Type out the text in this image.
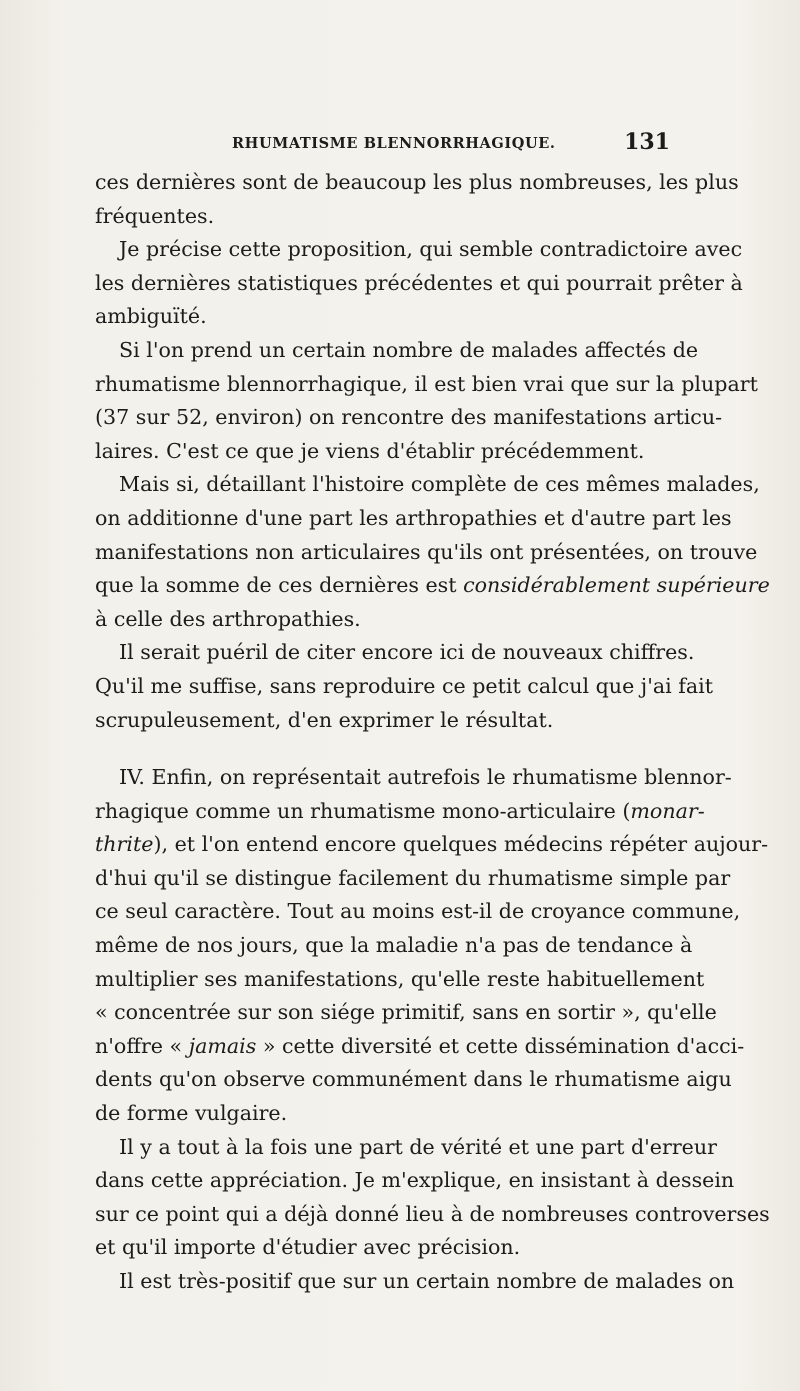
RHUMATISME BLENNORRHAGIQUE.	131
ces dernières sont de beaucoup les plus nombreuses, les plus
fréquentes.
Je précise cette proposition, qui semble contradictoire avec
les dernières statistiques précédentes et qui pourrait prêter à
ambiguïté.
Si l'on prend un certain nombre de malades affectés de
rhumatisme blennorrhagique, il est bien vrai que sur la plupart
(37 sur 52, environ) on rencontre des manifestations articu-
laires. C'est ce que je viens d'établir précédemment.
Mais si, détaillant l'histoire complète de ces mêmes malades,
on additionne d'une part les arthropathies et d'autre part les
manifestations non articulaires qu'ils ont présentées, on trouve
que la somme de ces dernières est considérablement supérieure
à celle des arthropathies.
Il serait puéril de citer encore ici de nouveaux chiffres.
Qu'il me suffise, sans reproduire ce petit calcul que j'ai fait
scrupuleusement, d'en exprimer le résultat.
IV. Enfin, on représentait autrefois le rhumatisme blennor-
rhagique comme un rhumatisme mono-articulaire (monar-
thrite), et l'on entend encore quelques médecins répéter aujour-
d'hui qu'il se distingue facilement du rhumatisme simple par
ce seul caractère. Tout au moins est-il de croyance commune,
même de nos jours, que la maladie n'a pas de tendance à
multiplier ses manifestations, qu'elle reste habituellement
« concentrée sur son siége primitif, sans en sortir », qu'elle
n'offre « jamais » cette diversité et cette dissémination d'acci-
dents qu'on observe communément dans le rhumatisme aigu
de forme vulgaire.
Il y a tout à la fois une part de vérité et une part d'erreur
dans cette appréciation. Je m'explique, en insistant à dessein
sur ce point qui a déjà donné lieu à de nombreuses controverses
et qu'il importe d'étudier avec précision.
Il est très-positif que sur un certain nombre de malades on
